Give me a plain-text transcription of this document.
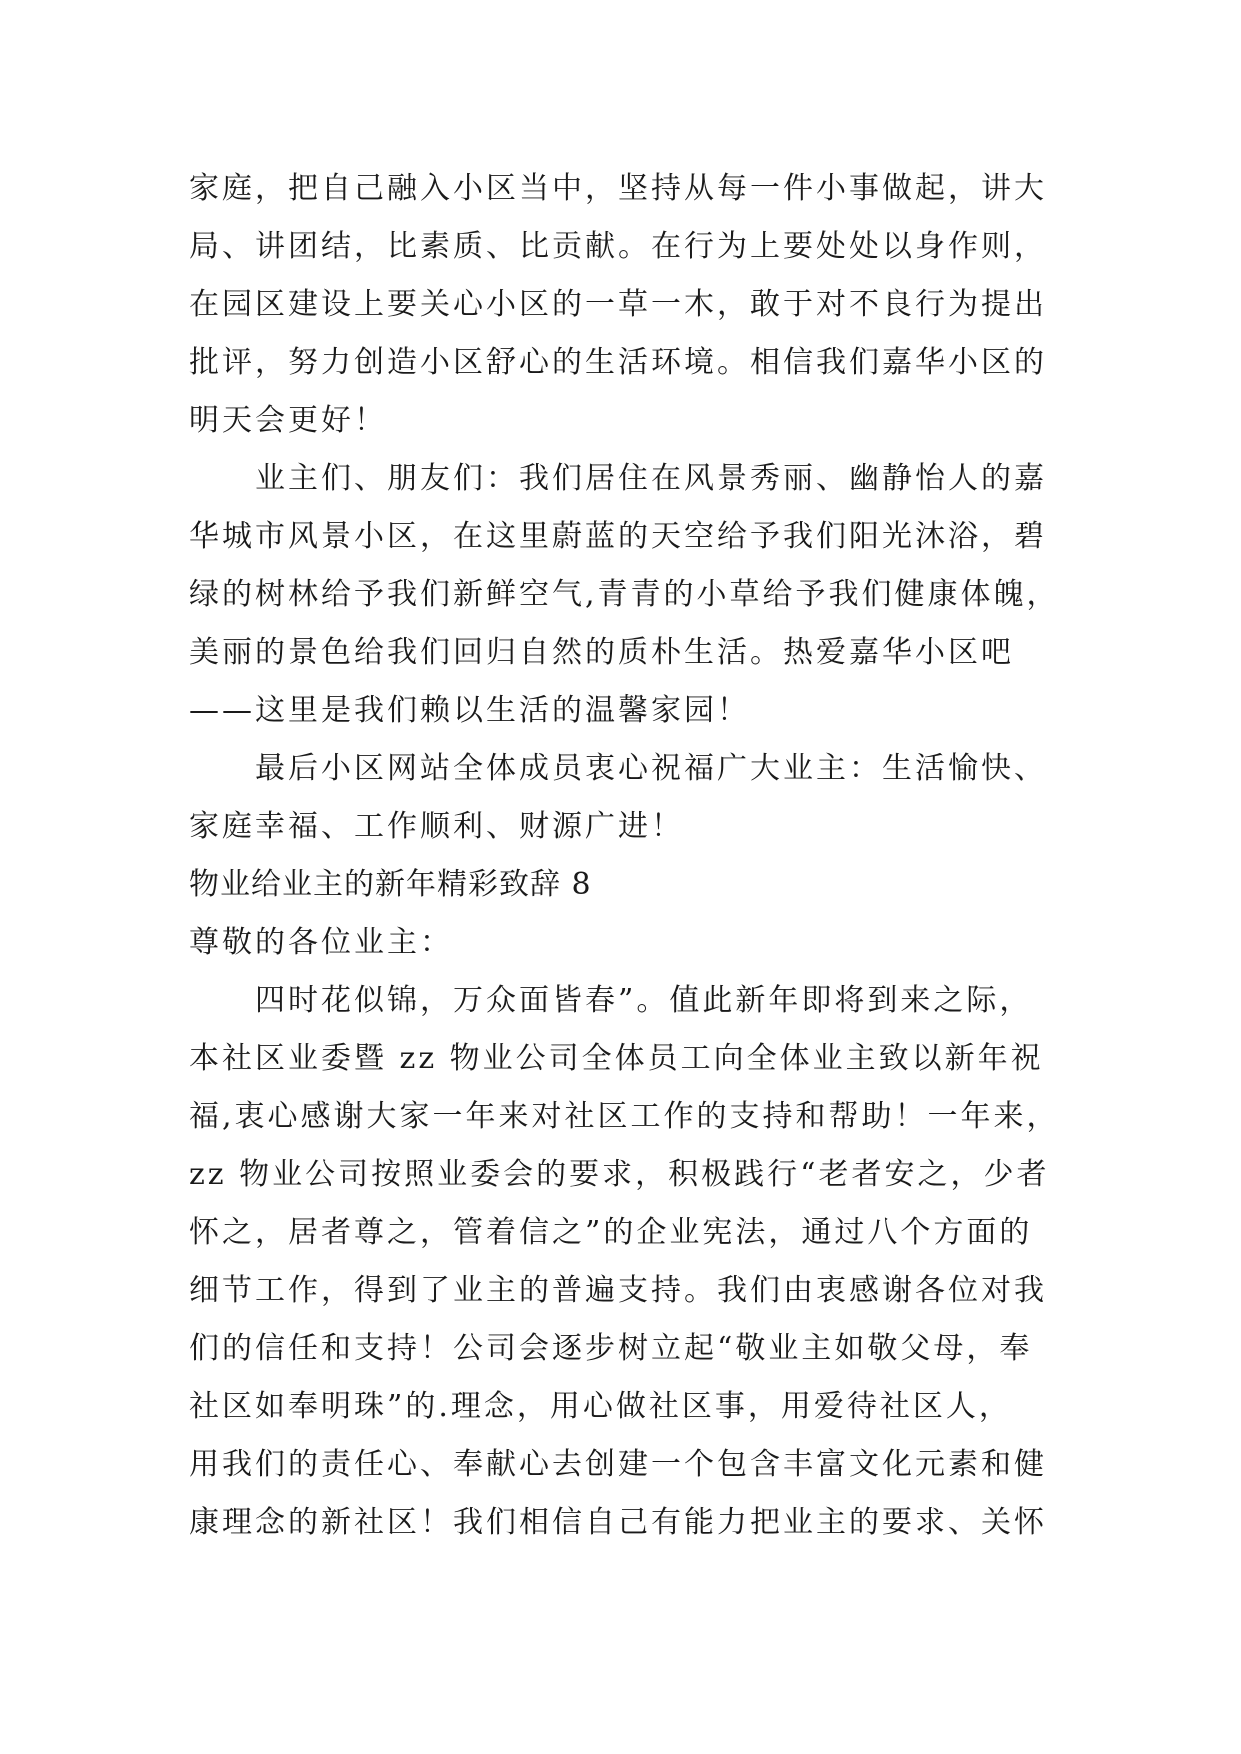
家庭，把自己融入小区当中，坚持从每一件小事做起，讲大
局、讲团结，比素质、比贡献。在行为上要处处以身作则，
在园区建设上要关心小区的一草一木，敢于对不良行为提出
批评，努力创造小区舒心的生活环境。相信我们嘉华小区的
明天会更好！
业主们、朋友们：我们居住在风景秀丽、幽静怡人的嘉
华城市风景小区，在这里蔚蓝的天空给予我们阳光沐浴，碧
绿的树林给予我们新鲜空气,青青的小草给予我们健康体魄，
美丽的景色给我们回归自然的质朴生活。热爱嘉华小区吧
——这里是我们赖以生活的温馨家园！
最后小区网站全体成员衷心祝福广大业主：生活愉快、
家庭幸福、工作顺利、财源广进！
物业给业主的新年精彩致辞 8
尊敬的各位业主：
四时花似锦，万众面皆春”。值此新年即将到来之际，
本社区业委暨 zz 物业公司全体员工向全体业主致以新年祝
福,衷心感谢大家一年来对社区工作的支持和帮助！一年来，
zz 物业公司按照业委会的要求，积极践行“老者安之，少者
怀之，居者尊之，管着信之”的企业宪法，通过八个方面的
细节工作，得到了业主的普遍支持。我们由衷感谢各位对我
们的信任和支持！公司会逐步树立起“敬业主如敬父母，奉
社区如奉明珠”的.理念，用心做社区事，用爱待社区人，
用我们的责任心、奉献心去创建一个包含丰富文化元素和健
康理念的新社区！我们相信自己有能力把业主的要求、关怀
